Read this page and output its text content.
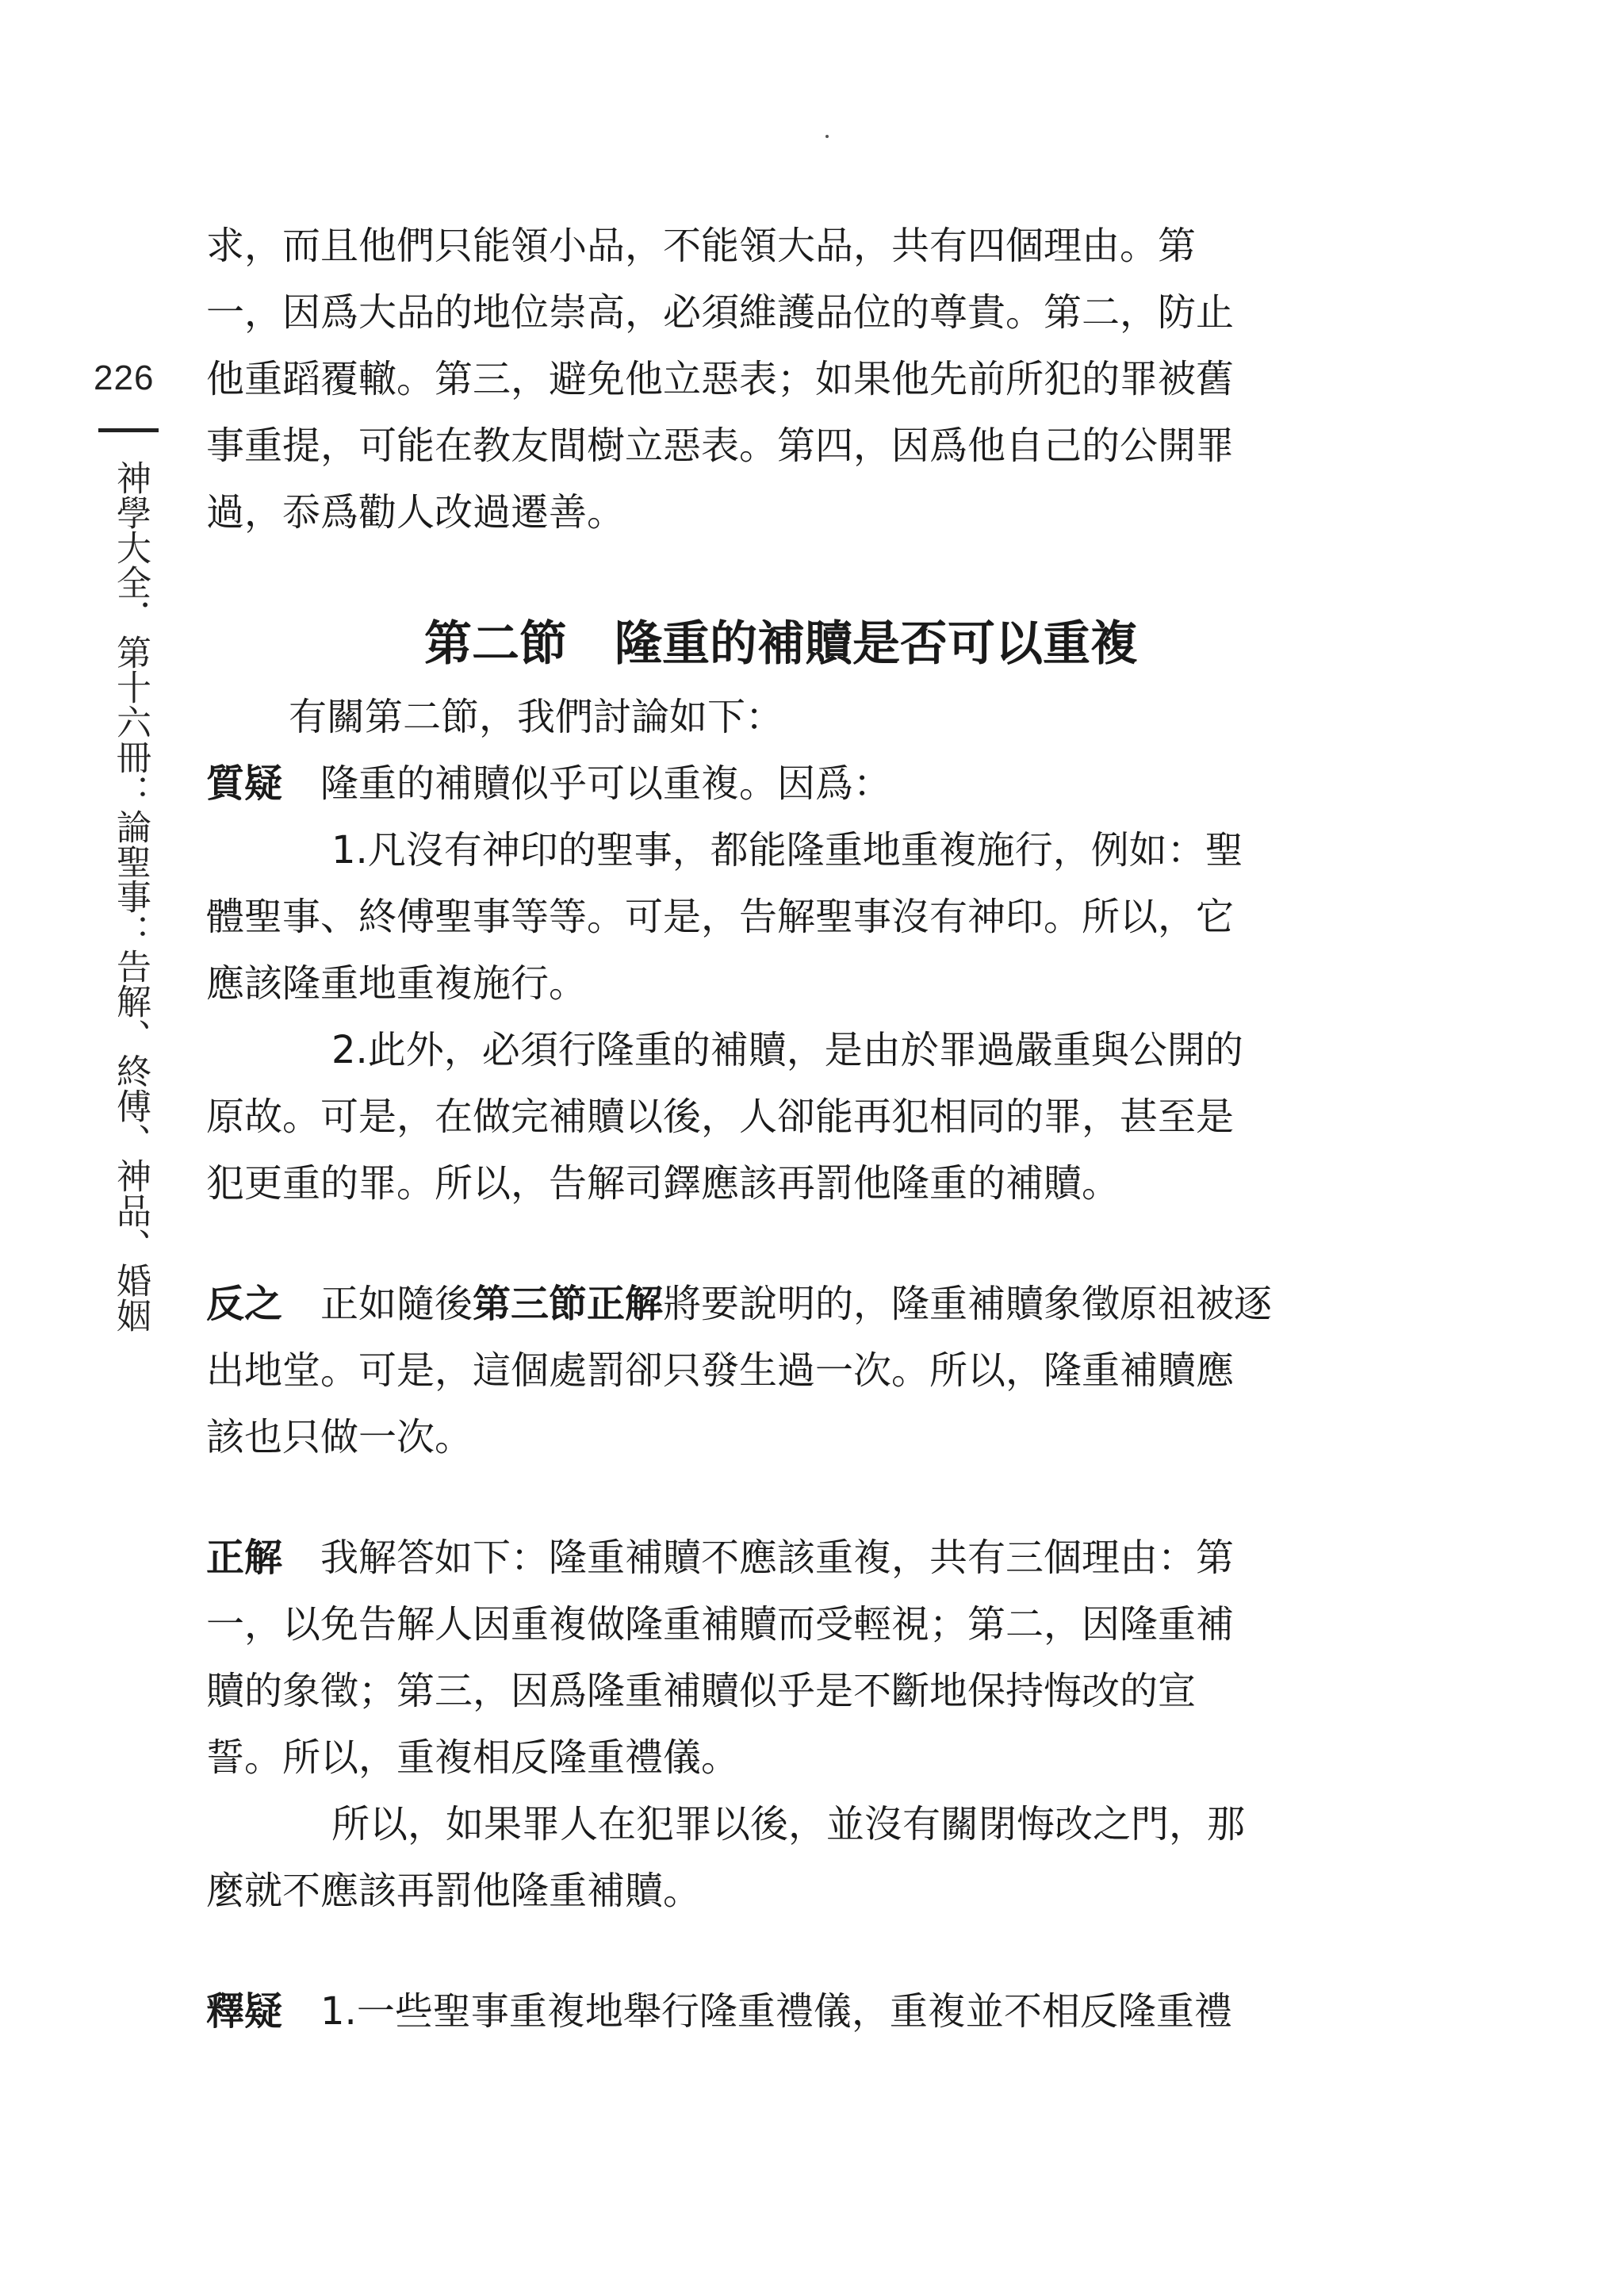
226
神學大全．第十六冊：論聖事：告解、終傅、神品、婚姻
求，而且他們只能領小品，不能領大品，共有四個理由。第
一，因爲大品的地位崇高，必須維護品位的尊貴。第二，防止
他重蹈覆轍。第三，避免他立惡表；如果他先前所犯的罪被舊
事重提，可能在教友間樹立惡表。第四，因爲他自己的公開罪
過，忝爲勸人改過遷善。
第二節 隆重的補贖是否可以重複
有關第二節，我們討論如下：
質疑 隆重的補贖似乎可以重複。因爲：
1.凡沒有神印的聖事，都能隆重地重複施行，例如：聖
體聖事、終傅聖事等等。可是，告解聖事沒有神印。所以，它
應該隆重地重複施行。
2.此外，必須行隆重的補贖，是由於罪過嚴重與公開的
原故。可是，在做完補贖以後，人卻能再犯相同的罪，甚至是
犯更重的罪。所以，告解司鐸應該再罰他隆重的補贖。
反之 正如隨後第三節正解將要說明的，隆重補贖象徵原祖被逐
出地堂。可是，這個處罰卻只發生過一次。所以，隆重補贖應
該也只做一次。
正解 我解答如下：隆重補贖不應該重複，共有三個理由：第
一，以免告解人因重複做隆重補贖而受輕視；第二，因隆重補
贖的象徵；第三，因爲隆重補贖似乎是不斷地保持悔改的宣
誓。所以，重複相反隆重禮儀。
所以，如果罪人在犯罪以後，並沒有關閉悔改之門，那
麼就不應該再罰他隆重補贖。
釋疑 1.一些聖事重複地舉行隆重禮儀，重複並不相反隆重禮
